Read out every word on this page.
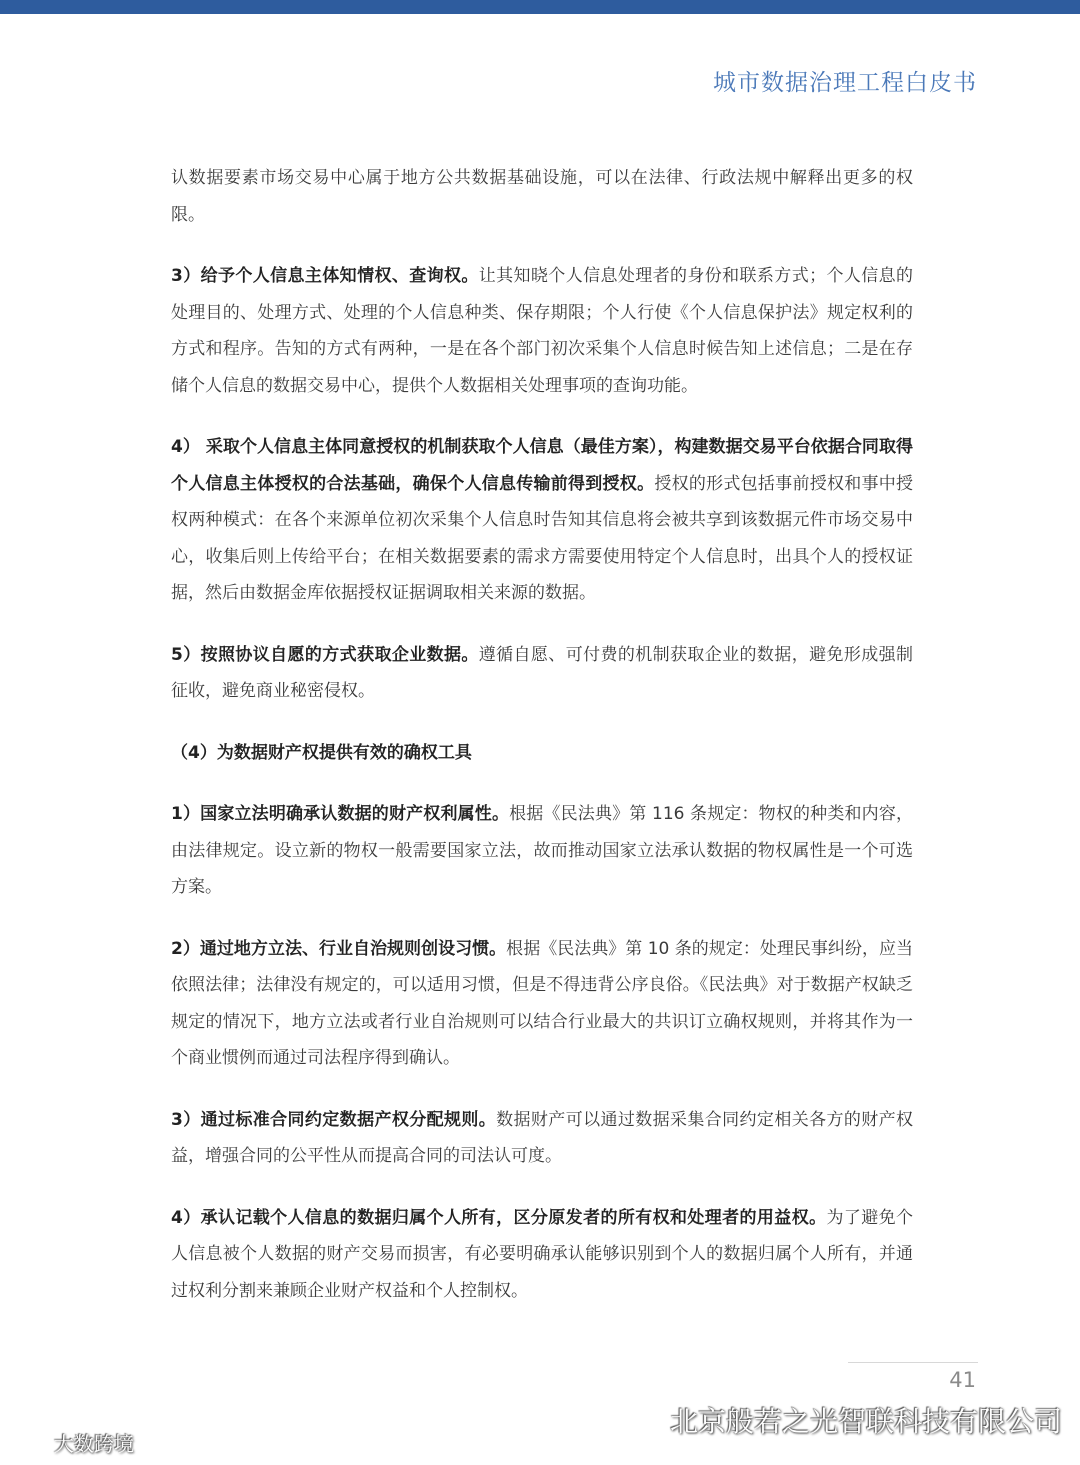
城市数据治理工程白皮书

认数据要素市场交易中心属于地方公共数据基础设施，可以在法律、行政法规中解释出更多的权限。

3）给予个人信息主体知情权、查询权。让其知晓个人信息处理者的身份和联系方式；个人信息的处理目的、处理方式、处理的个人信息种类、保存期限；个人行使《个人信息保护法》规定权利的方式和程序。告知的方式有两种，一是在各个部门初次采集个人信息时候告知上述信息；二是在存储个人信息的数据交易中心，提供个人数据相关处理事项的查询功能。

4） 采取个人信息主体同意授权的机制获取个人信息（最佳方案），构建数据交易平台依据合同取得个人信息主体授权的合法基础，确保个人信息传输前得到授权。授权的形式包括事前授权和事中授权两种模式：在各个来源单位初次采集个人信息时告知其信息将会被共享到该数据元件市场交易中心，收集后则上传给平台；在相关数据要素的需求方需要使用特定个人信息时，出具个人的授权证据，然后由数据金库依据授权证据调取相关来源的数据。

5）按照协议自愿的方式获取企业数据。遵循自愿、可付费的机制获取企业的数据，避免形成强制征收，避免商业秘密侵权。

（4）为数据财产权提供有效的确权工具

1）国家立法明确承认数据的财产权利属性。根据《民法典》第 116 条规定：物权的种类和内容，由法律规定。设立新的物权一般需要国家立法，故而推动国家立法承认数据的物权属性是一个可选方案。

2）通过地方立法、行业自治规则创设习惯。根据《民法典》第 10 条的规定：处理民事纠纷，应当依照法律；法律没有规定的，可以适用习惯，但是不得违背公序良俗。《民法典》对于数据产权缺乏规定的情况下，地方立法或者行业自治规则可以结合行业最大的共识订立确权规则，并将其作为一个商业惯例而通过司法程序得到确认。

3）通过标准合同约定数据产权分配规则。数据财产可以通过数据采集合同约定相关各方的财产权益，增强合同的公平性从而提高合同的司法认可度。

4）承认记载个人信息的数据归属个人所有，区分原发者的所有权和处理者的用益权。为了避免个人信息被个人数据的财产交易而损害，有必要明确承认能够识别到个人的数据归属个人所有，并通过权利分割来兼顾企业财产权益和个人控制权。

41
北京般若之光智联科技有限公司
大数跨境
